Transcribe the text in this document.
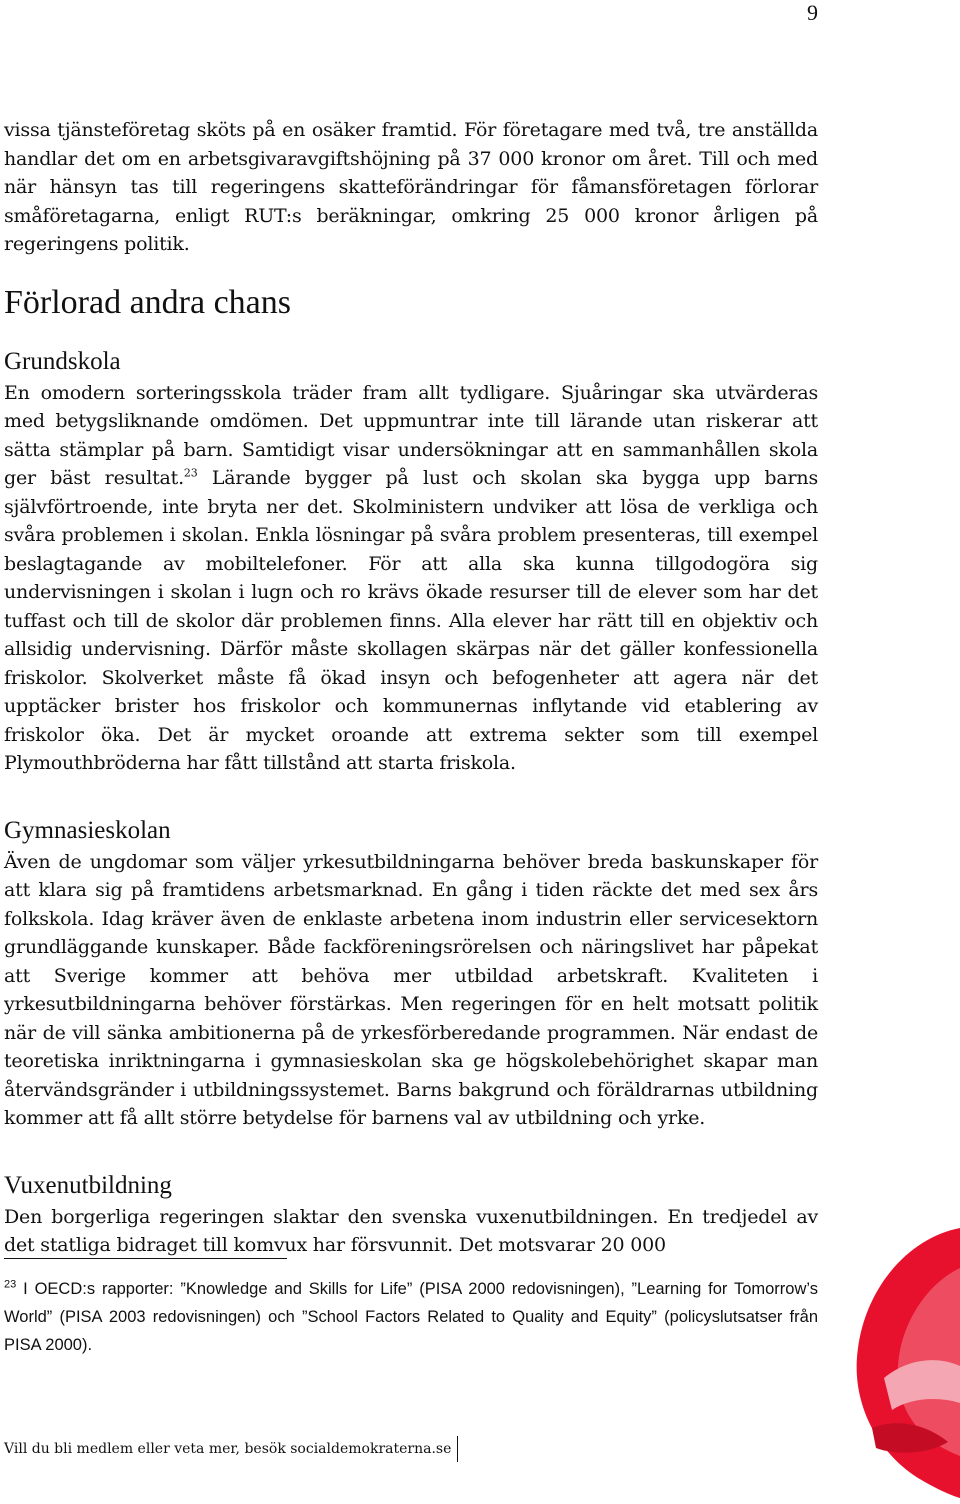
9

vissa tjänsteföretag sköts på en osäker framtid. För företagare med två, tre anställda handlar det om en arbetsgivaravgiftshöjning på 37 000 kronor om året. Till och med när hänsyn tas till regeringens skatteförändringar för fåmansföretagen förlorar småföretagarna, enligt RUT:s beräkningar, omkring 25 000 kronor årligen på regeringens politik.

Förlorad andra chans
Grundskola

En omodern sorteringsskola träder fram allt tydligare. Sjuåringar ska utvärderas med betygsliknande omdömen. Det uppmuntrar inte till lärande utan riskerar att sätta stämplar på barn. Samtidigt visar undersökningar att en sammanhållen skola ger bäst resultat.$^{23}$ Lärande bygger på lust och skolan ska bygga upp barns självförtroende, inte bryta ner det. Skolministern undviker att lösa de verkliga och svåra problemen i skolan. Enkla lösningar på svåra problem presenteras, till exempel beslagtagande av mobiltelefoner. För att alla ska kunna tillgodogöra sig undervisningen i skolan i lugn och ro krävs ökade resurser till de elever som har det tuffast och till de skolor där problemen finns. Alla elever har rätt till en objektiv och allsidig undervisning. Därför måste skollagen skärpas när det gäller konfessionella friskolor. Skolverket måste få ökad insyn och befogenheter att agera när det upptäcker brister hos friskolor och kommunernas inflytande vid etablering av friskolor öka. Det är mycket oroande att extrema sekter som till exempel Plymouthbröderna har fått tillstånd att starta friskola.

Gymnasieskolan

Även de ungdomar som väljer yrkesutbildningarna behöver breda baskunskaper för att klara sig på framtidens arbetsmarknad. En gång i tiden räckte det med sex års folkskola. Idag kräver även de enklaste arbetena inom industrin eller servicesektorn grundläggande kunskaper. Både fackföreningsrörelsen och näringslivet har påpekat att Sverige kommer att behöva mer utbildad arbetskraft. Kvaliteten i yrkesutbildningarna behöver förstärkas. Men regeringen för en helt motsatt politik när de vill sänka ambitionerna på de yrkesförberedande programmen. När endast de teoretiska inriktningarna i gymnasieskolan ska ge högskolebehörighet skapar man återvändsgränder i utbildningssystemet. Barns bakgrund och föräldrarnas utbildning kommer att få allt större betydelse för barnens val av utbildning och yrke.

Vuxenutbildning

Den borgerliga regeringen slaktar den svenska vuxenutbildningen. En tredjedel av det statliga bidraget till komvux har försvunnit. Det motsvarar 20 000

$^{23}$ I OECD:s rapporter: ”Knowledge and Skills for Life” (PISA 2000 redovisningen), ”Learning for Tomorrow’s World” (PISA 2003 redovisningen) och ”School Factors Related to Quality and Equity” (policyslutsatser från PISA 2000).
Vill du bli medlem eller veta mer, besök socialdemokraterna.se
